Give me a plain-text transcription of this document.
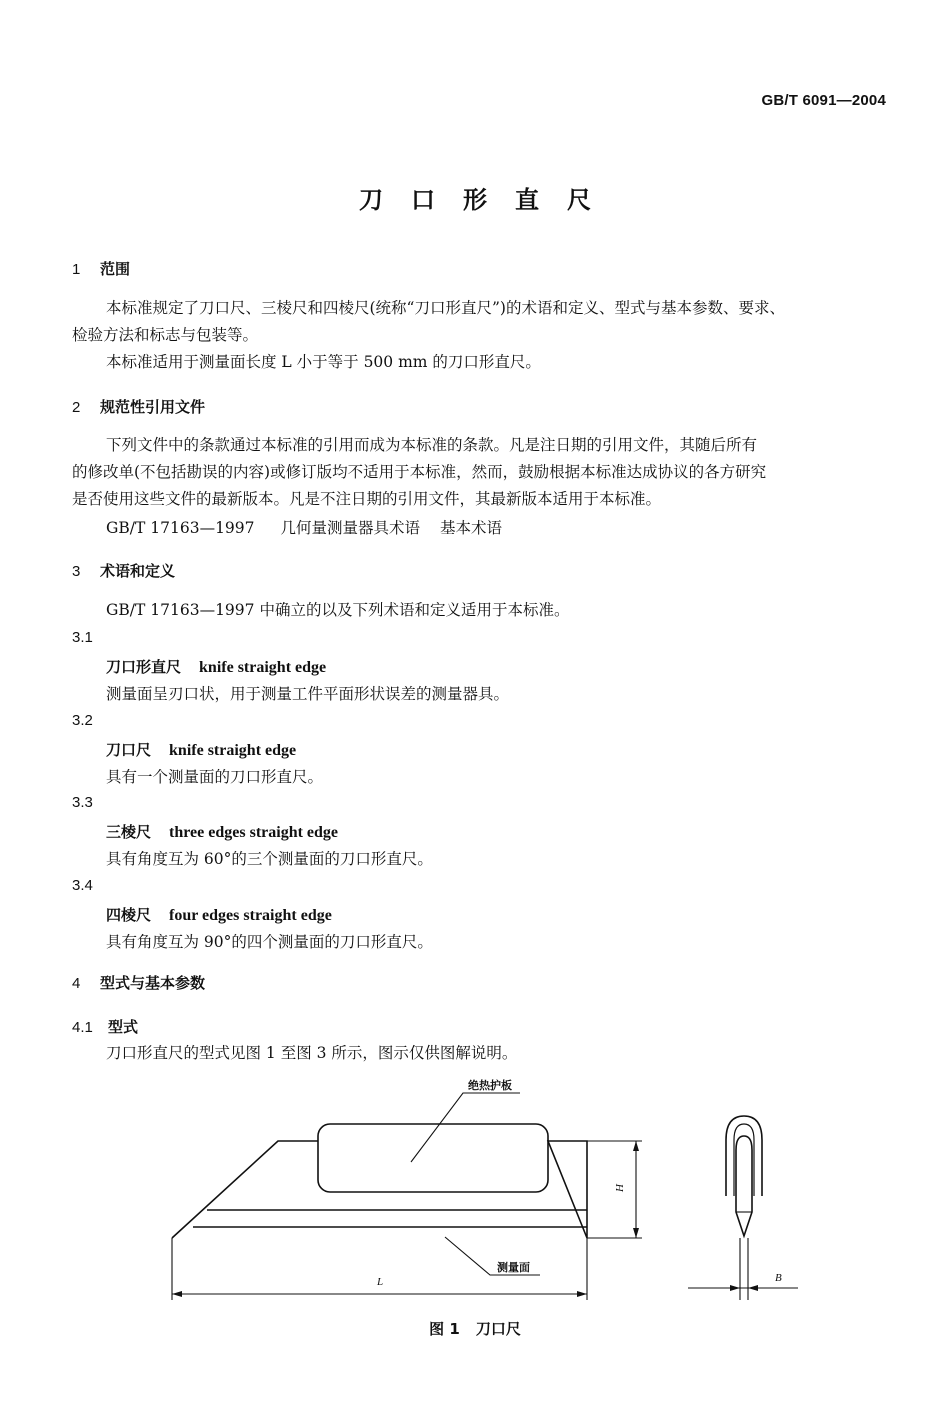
GB/T 6091—2004
刀口形直尺
1 范围
本标准规定了刀口尺、三棱尺和四棱尺(统称“刀口形直尺”)的术语和定义、型式与基本参数、要求、
检验方法和标志与包装等。
本标准适用于测量面长度 L 小于等于 500 mm 的刀口形直尺。
2 规范性引用文件
下列文件中的条款通过本标准的引用而成为本标准的条款。凡是注日期的引用文件，其随后所有
的修改单(不包括勘误的内容)或修订版均不适用于本标准，然而，鼓励根据本标准达成协议的各方研究
是否使用这些文件的最新版本。凡是不注日期的引用文件，其最新版本适用于本标准。
GB/T 17163—1997 几何量测量器具术语 基本术语
3 术语和定义
GB/T 17163—1997 中确立的以及下列术语和定义适用于本标准。
3.1
刀口形直尺 knife straight edge
测量面呈刃口状，用于测量工件平面形状误差的测量器具。
3.2
刀口尺 knife straight edge
具有一个测量面的刀口形直尺。
3.3
三棱尺 three edges straight edge
具有角度互为 60°的三个测量面的刀口形直尺。
3.4
四棱尺 four edges straight edge
具有角度互为 90°的四个测量面的刀口形直尺。
4 型式与基本参数
4.1 型式
刀口形直尺的型式见图 1 至图 3 所示，图示仅供图解说明。
绝热护板
测量面
L
H
B
图 1 刀口尺
